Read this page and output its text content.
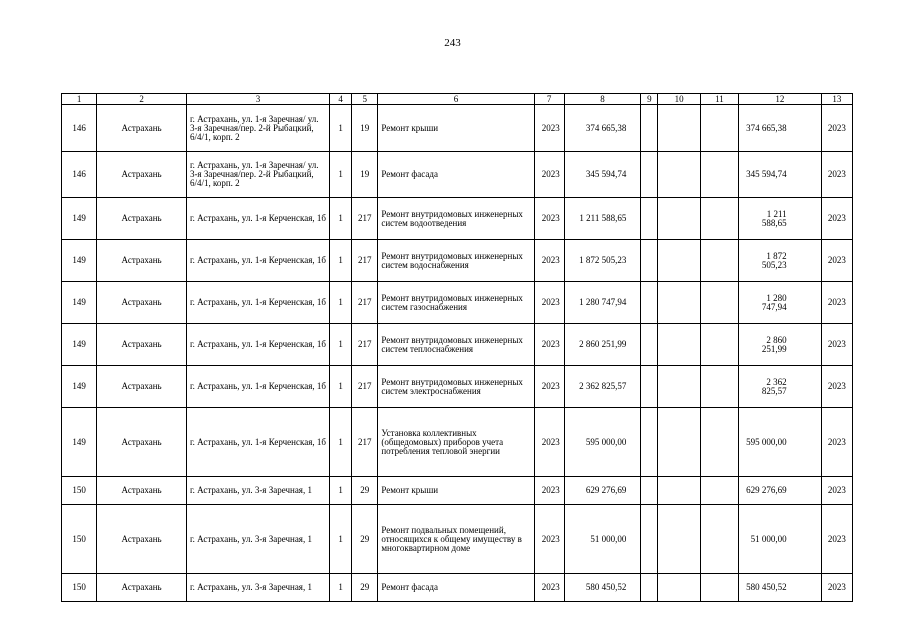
243
1	2	3	4	5	6	7	8	9	10	11	12	13
146	Астрахань	г. Астрахань, ул. 1-я Заречная/ ул. 3-я Заречная/пер. 2-й Рыбацкий, 6/4/1, корп. 2	1	19	Ремонт крыши	2023	374 665,38				374 665,38	2023
146	Астрахань	г. Астрахань, ул. 1-я Заречная/ ул. 3-я Заречная/пер. 2-й Рыбацкий, 6/4/1, корп. 2	1	19	Ремонт фасада	2023	345 594,74				345 594,74	2023
149	Астрахань	г. Астрахань, ул. 1-я Керченская, 1б	1	217	Ремонт внутридомовых инженерных систем водоотведения	2023	1 211 588,65				1 211 588,65	2023
149	Астрахань	г. Астрахань, ул. 1-я Керченская, 1б	1	217	Ремонт внутридомовых инженерных систем водоснабжения	2023	1 872 505,23				1 872 505,23	2023
149	Астрахань	г. Астрахань, ул. 1-я Керченская, 1б	1	217	Ремонт внутридомовых инженерных систем газоснабжения	2023	1 280 747,94				1 280 747,94	2023
149	Астрахань	г. Астрахань, ул. 1-я Керченская, 1б	1	217	Ремонт внутридомовых инженерных систем теплоснабжения	2023	2 860 251,99				2 860 251,99	2023
149	Астрахань	г. Астрахань, ул. 1-я Керченская, 1б	1	217	Ремонт внутридомовых инженерных систем электроснабжения	2023	2 362 825,57				2 362 825,57	2023
149	Астрахань	г. Астрахань, ул. 1-я Керченская, 1б	1	217	Установка коллективных (общедомовых) приборов учета потребления тепловой энергии	2023	595 000,00				595 000,00	2023
150	Астрахань	г. Астрахань, ул. 3-я Заречная, 1	1	29	Ремонт крыши	2023	629 276,69				629 276,69	2023
150	Астрахань	г. Астрахань, ул. 3-я Заречная, 1	1	29	Ремонт подвальных помещений, относящихся к общему имуществу в многоквартирном доме	2023	51 000,00				51 000,00	2023
150	Астрахань	г. Астрахань, ул. 3-я Заречная, 1	1	29	Ремонт фасада	2023	580 450,52				580 450,52	2023
